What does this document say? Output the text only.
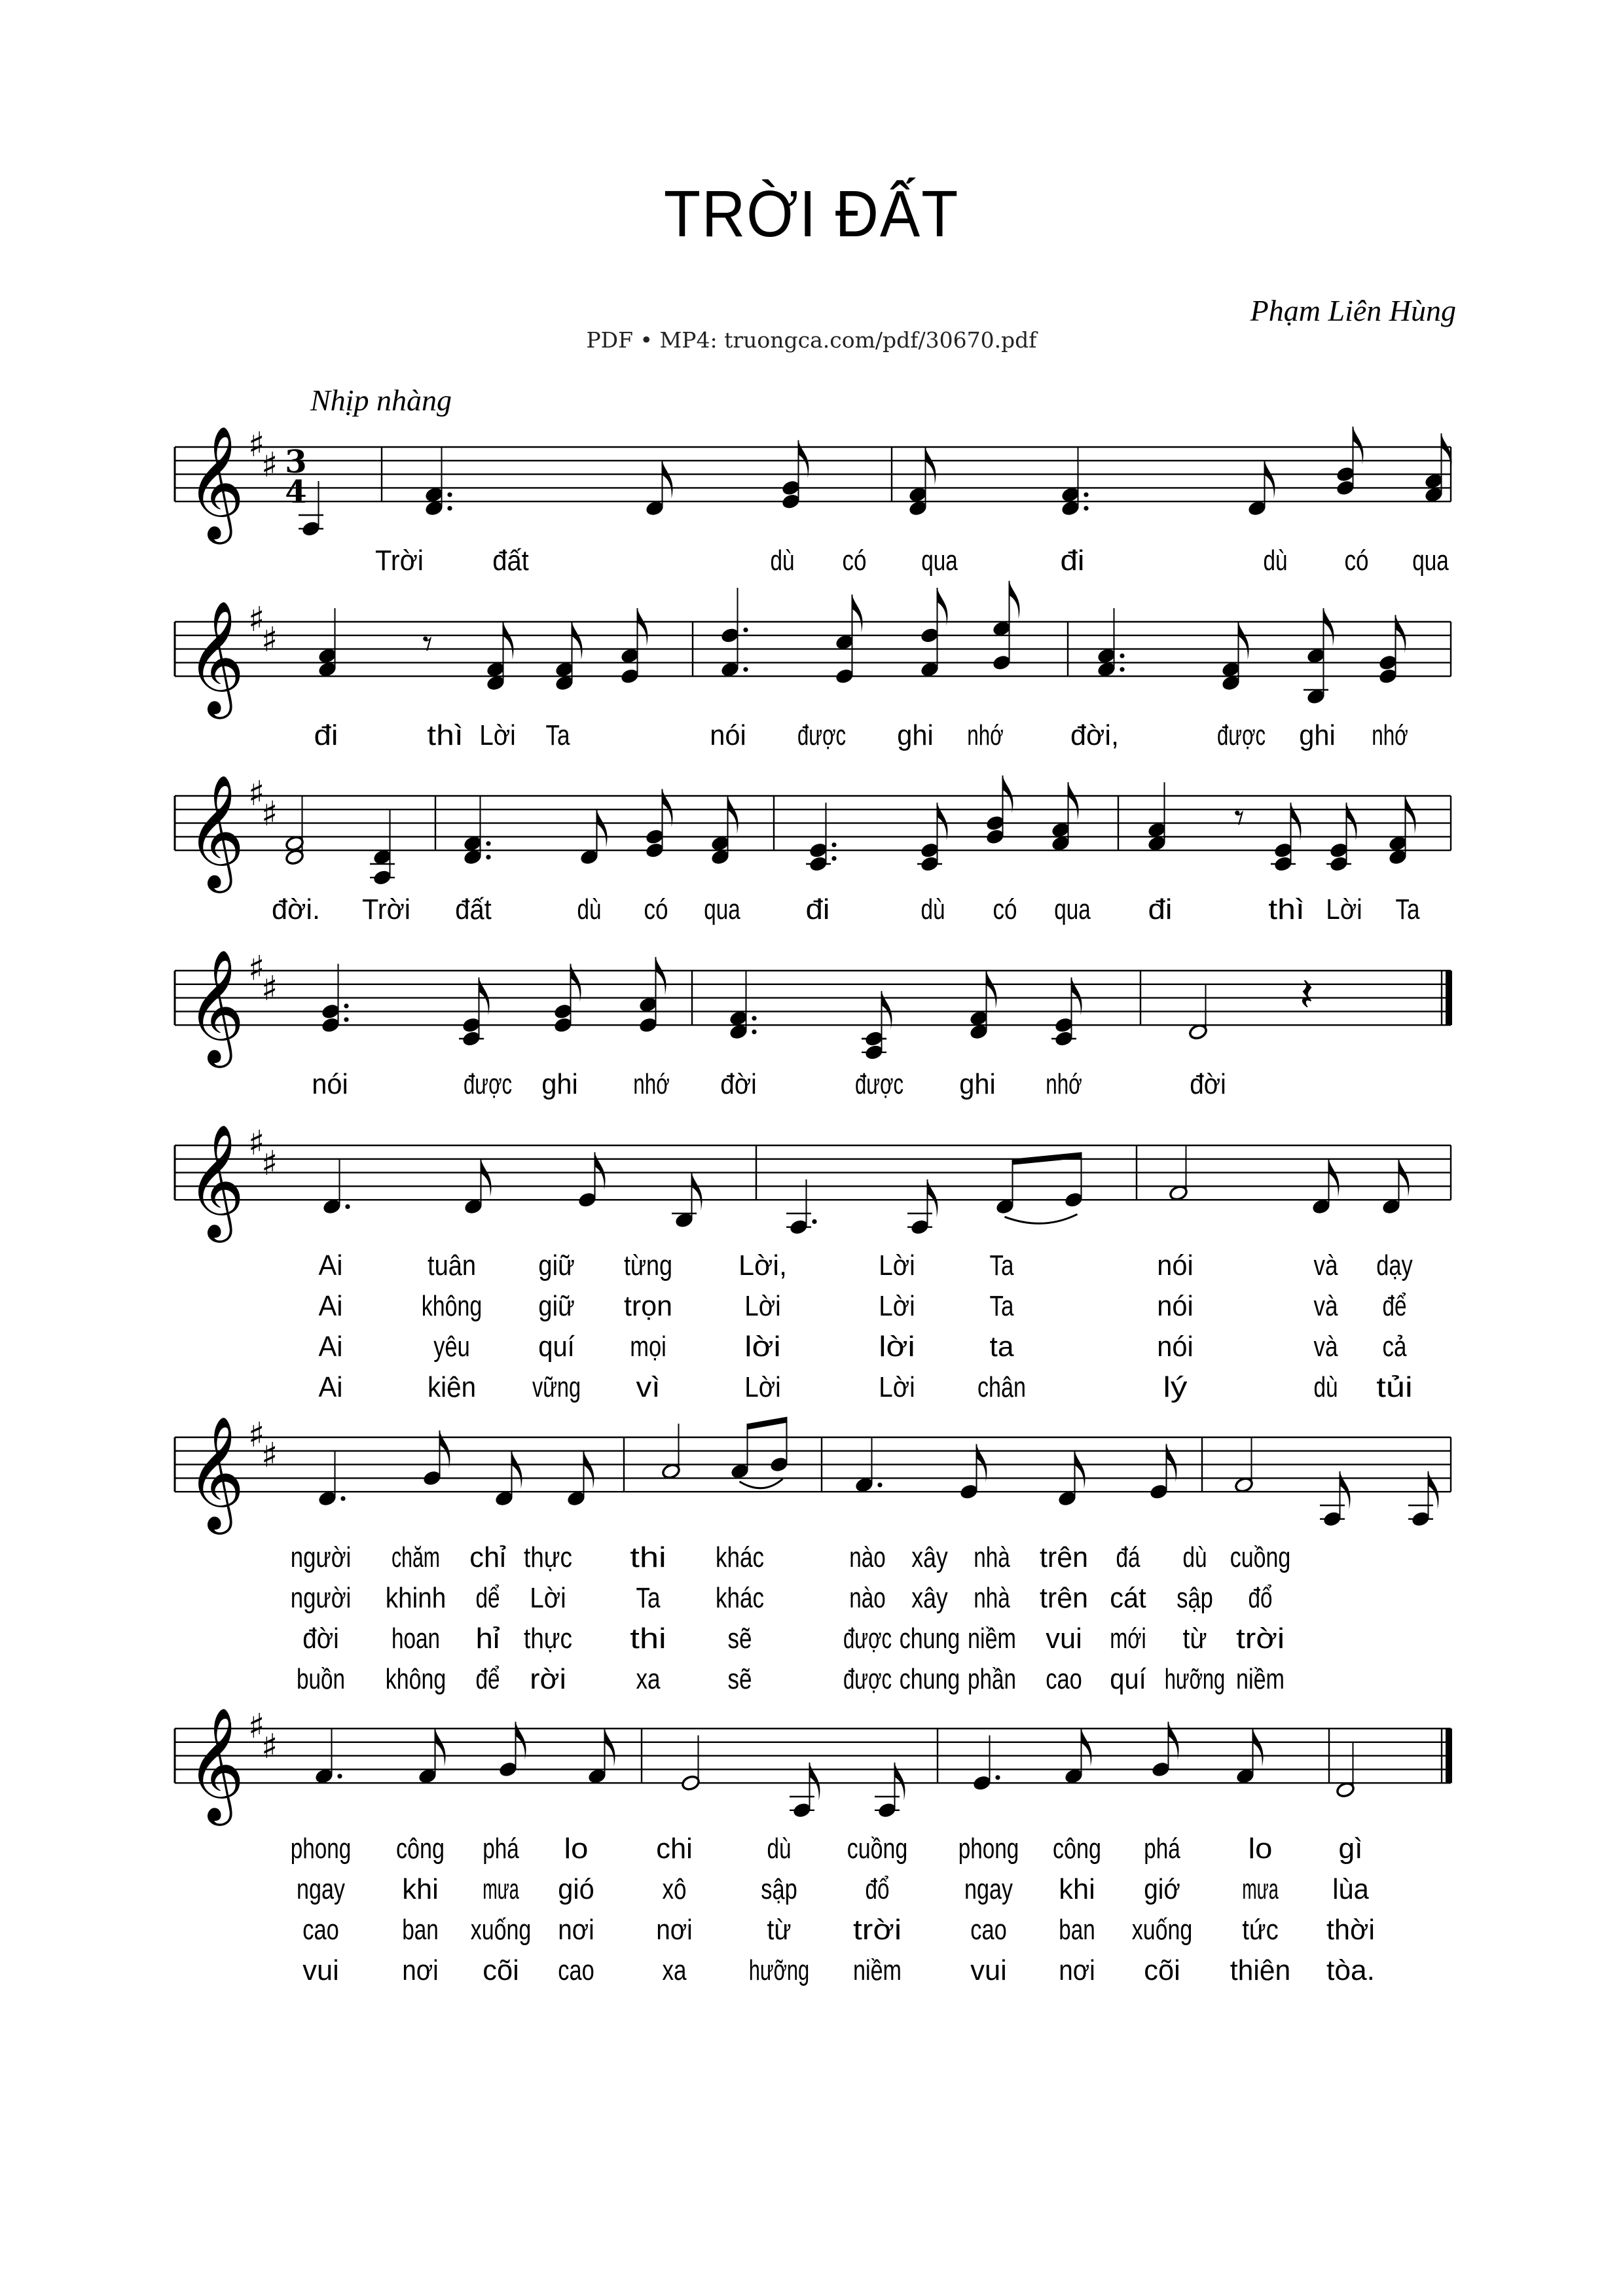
TRỜI ĐẤT
Phạm Liên Hùng
PDF • MP4: truongca.com/pdf/30670.pdf
Nhịp nhàng
𝄞 ♯
♯ 3
4
Trời đất	dù có qua	đi	dù có qua
𝄞 ♯
♯	𝄾
đi	thì Lời Ta	nói được ghi nhớ đời,	được ghi nhớ
𝄞 ♯
♯	𝄾
đời. Trời đất	dù có qua đi	dù có qua đi	thì Lời Ta
𝄞 ♯
♯	𝄽
nói	được ghi nhớ đời	được ghi nhớ	đời
𝄞 ♯
♯
Ai	tuân giữ từng Lời,	Lời	Ta	nói	và dạy
Ai	không giữ trọn	Lời	Lời	Ta	nói	và để
Ai	yêu quí mọi	lời	lời	ta	nói	và cả
Ai	kiên vững vì	Lời	Lời chân	lý	dù tủi
𝄞 ♯
♯
người chăm chỉ thực thi khác	nào xây nhà trên đá dù cuồng
người khinh dể Lời Ta khác	nào xây nhà trên cát sập đổ
đời hoan hỉ thực thi sẽ	được chung niềm vui mới từ trời
buồn không để rời xa sẽ	được chung phần cao quí hưỡng niềm
𝄞 ♯
♯
phong công phá lo chi	dù cuồng phong công phá lo gì
ngay khi mưa gió xô	sập đổ	ngay khi giớ mưa lùa
cao ban xuống nơi nơi	từ trời cao ban xuống tức thời
vui nơi cõi cao xa hưỡng niềm vui nơi cõi thiên tòa.
